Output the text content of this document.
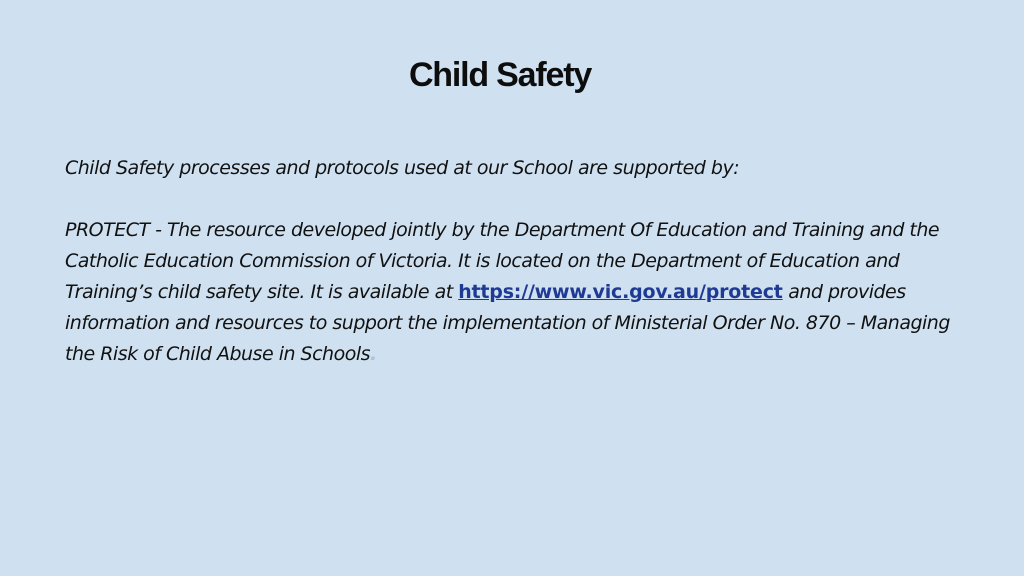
Child Safety

Child Safety processes and protocols used at our School are supported by:

PROTECT - The resource developed jointly by the Department Of Education and Training and the Catholic Education Commission of Victoria. It is located on the Department of Education and Training’s child safety site. It is available at https://www.vic.gov.au/protect and provides information and resources to support the implementation of Ministerial Order No. 870 – Managing the Risk of Child Abuse in Schools.
